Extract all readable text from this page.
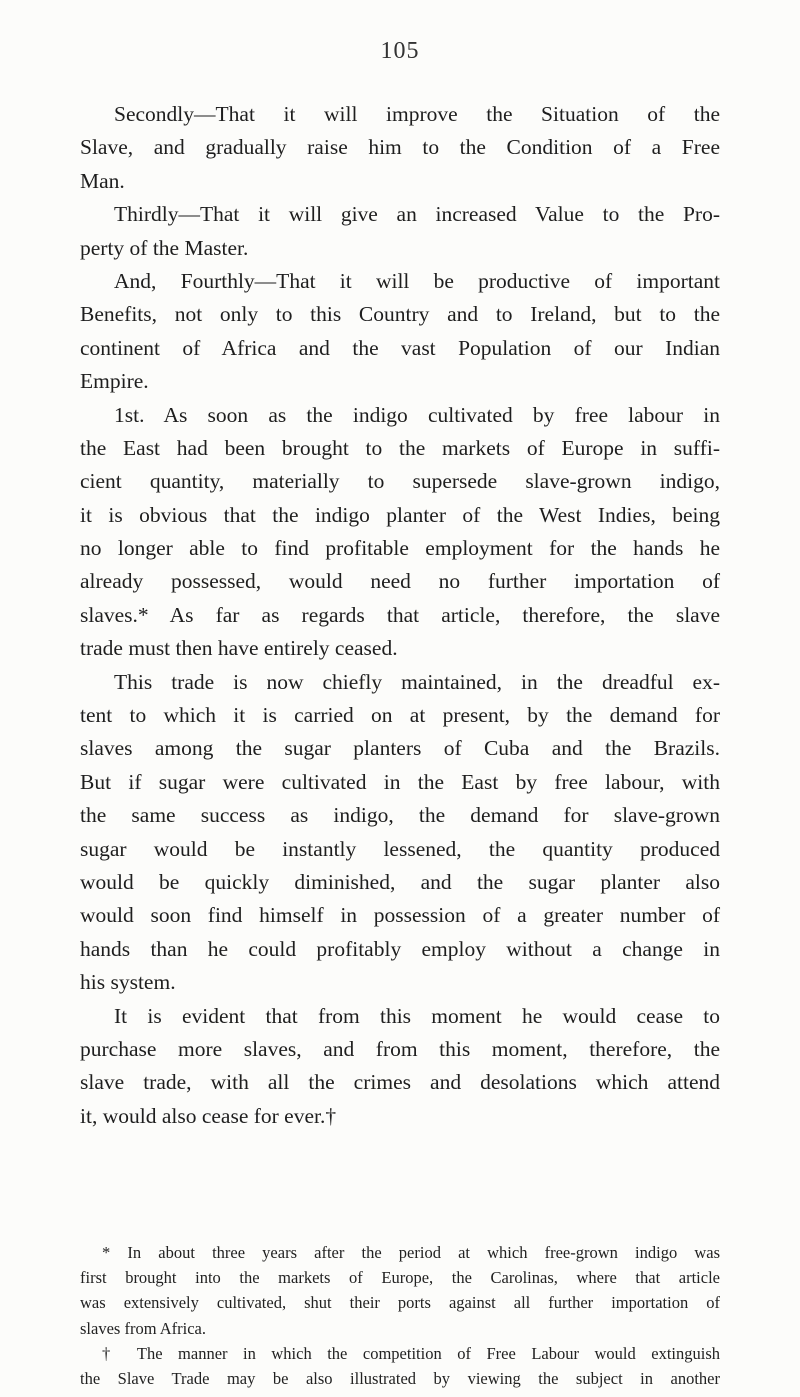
105
Secondly—That it will improve the Situation of the
Slave, and gradually raise him to the Condition of a Free
Man.
Thirdly—That it will give an increased Value to the Pro-
perty of the Master.
And, Fourthly—That it will be productive of important
Benefits, not only to this Country and to Ireland, but to the
continent of Africa and the vast Population of our Indian
Empire.
1st. As soon as the indigo cultivated by free labour in
the East had been brought to the markets of Europe in suffi-
cient quantity, materially to supersede slave-grown indigo,
it is obvious that the indigo planter of the West Indies, being
no longer able to find profitable employment for the hands he
already possessed, would need no further importation of
slaves.* As far as regards that article, therefore, the slave
trade must then have entirely ceased.
This trade is now chiefly maintained, in the dreadful ex-
tent to which it is carried on at present, by the demand for
slaves among the sugar planters of Cuba and the Brazils.
But if sugar were cultivated in the East by free labour, with
the same success as indigo, the demand for slave-grown
sugar would be instantly lessened, the quantity produced
would be quickly diminished, and the sugar planter also
would soon find himself in possession of a greater number of
hands than he could profitably employ without a change in
his system.
It is evident that from this moment he would cease to
purchase more slaves, and from this moment, therefore, the
slave trade, with all the crimes and desolations which attend
it, would also cease for ever.†
* In about three years after the period at which free-grown indigo was
first brought into the markets of Europe, the Carolinas, where that article
was extensively cultivated, shut their ports against all further importation of
slaves from Africa.
† The manner in which the competition of Free Labour would extinguish
the Slave Trade may be also illustrated by viewing the subject in another
